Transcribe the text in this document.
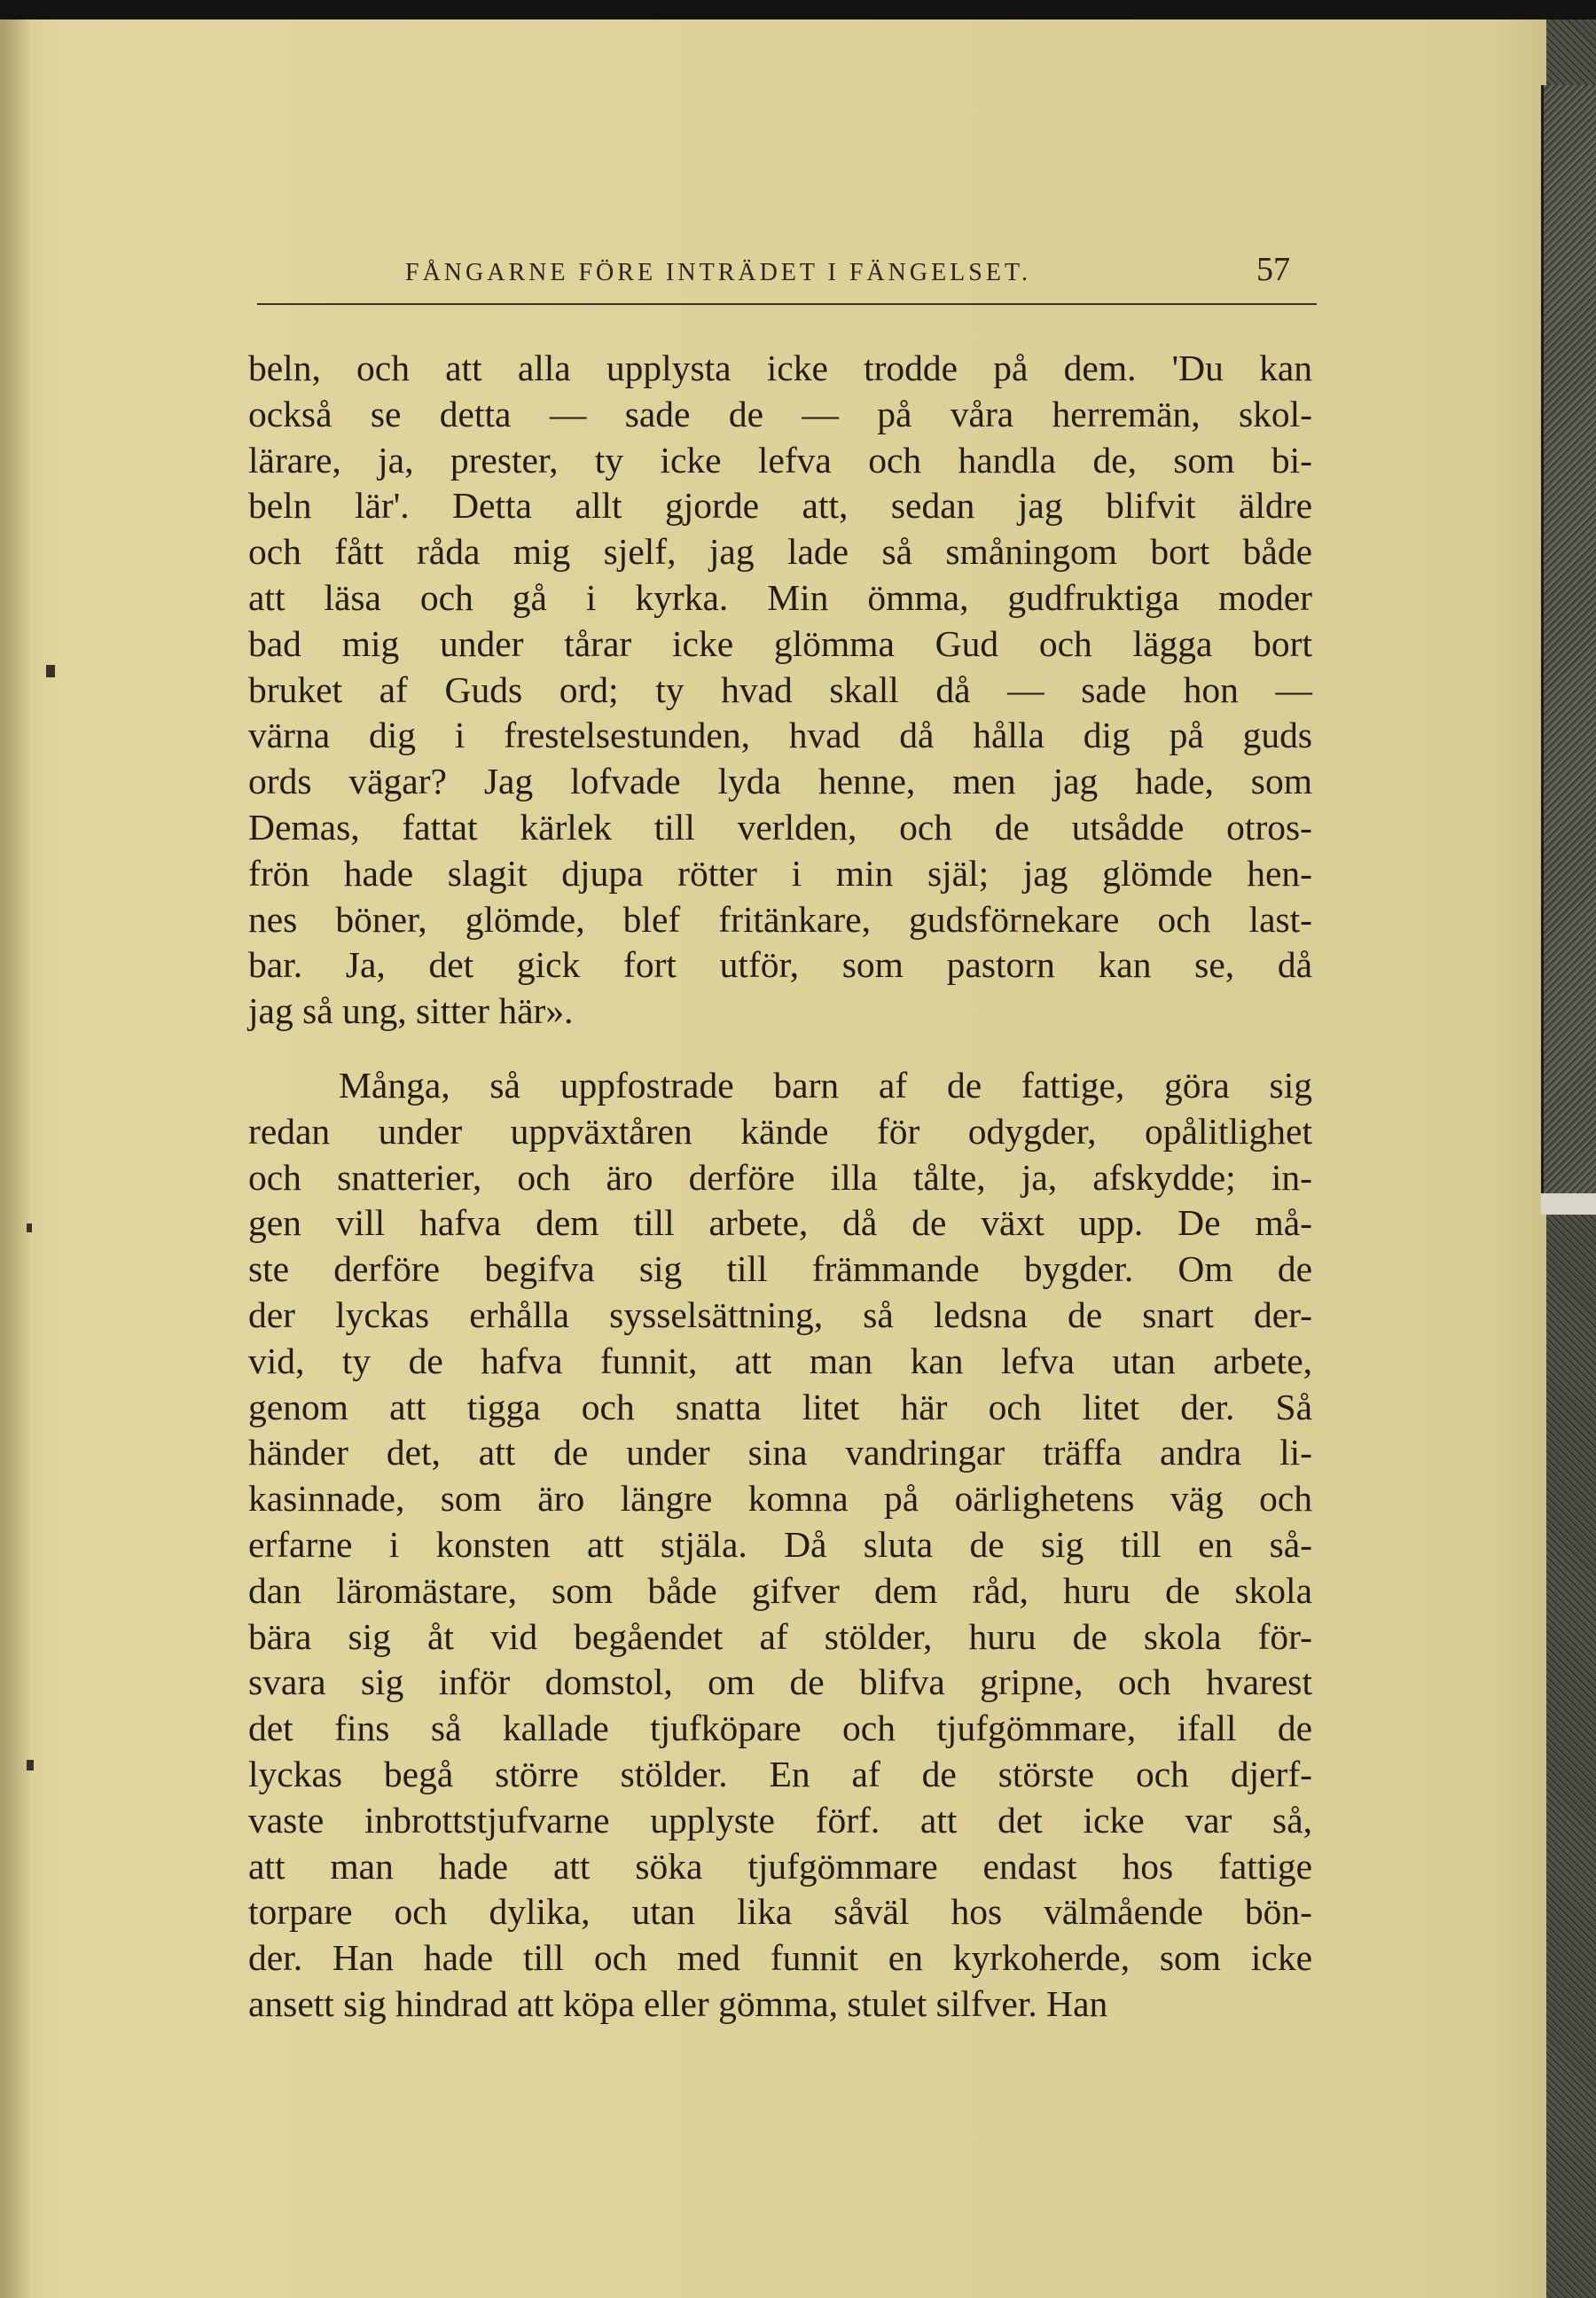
FÅNGARNE FÖRE INTRÄDET I FÄNGELSET.	57
beln, och att alla upplysta icke trodde på dem. 'Du kan
också se detta — sade de — på våra herremän, skol-
lärare, ja, prester, ty icke lefva och handla de, som bi-
beln lär'. Detta allt gjorde att, sedan jag blifvit äldre
och fått råda mig sjelf, jag lade så småningom bort både
att läsa och gå i kyrka. Min ömma, gudfruktiga moder
bad mig under tårar icke glömma Gud och lägga bort
bruket af Guds ord; ty hvad skall då — sade hon —
värna dig i frestelsestunden, hvad då hålla dig på guds
ords vägar? Jag lofvade lyda henne, men jag hade, som
Demas, fattat kärlek till verlden, och de utsådde otros-
frön hade slagit djupa rötter i min själ; jag glömde hen-
nes böner, glömde, blef fritänkare, gudsförnekare och last-
bar. Ja, det gick fort utför, som pastorn kan se, då
jag så ung, sitter här».
Många, så uppfostrade barn af de fattige, göra sig
redan under uppväxtåren kände för odygder, opålitlighet
och snatterier, och äro derföre illa tålte, ja, afskydde; in-
gen vill hafva dem till arbete, då de växt upp. De må-
ste derföre begifva sig till främmande bygder. Om de
der lyckas erhålla sysselsättning, så ledsna de snart der-
vid, ty de hafva funnit, att man kan lefva utan arbete,
genom att tigga och snatta litet här och litet der. Så
händer det, att de under sina vandringar träffa andra li-
kasinnade, som äro längre komna på oärlighetens väg och
erfarne i konsten att stjäla. Då sluta de sig till en så-
dan läromästare, som både gifver dem råd, huru de skola
bära sig åt vid begåendet af stölder, huru de skola för-
svara sig inför domstol, om de blifva gripne, och hvarest
det fins så kallade tjufköpare och tjufgömmare, ifall de
lyckas begå större stölder. En af de störste och djerf-
vaste inbrottstjufvarne upplyste förf. att det icke var så,
att man hade att söka tjufgömmare endast hos fattige
torpare och dylika, utan lika såväl hos välmående bön-
der. Han hade till och med funnit en kyrkoherde, som icke
ansett sig hindrad att köpa eller gömma, stulet silfver. Han
